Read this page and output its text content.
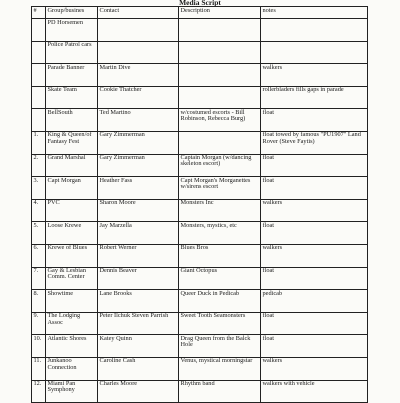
Media Script
#	Group/busines	Contact	Description	notes
	PD Horsemen			
	Police Patrol cars			
	Parade Banner	Martin Dive		walkers
	Skate Team	Cookie Thatcher		rollerbladers fills gaps in parade
	BellSouth	Ted Martino	w/costumed escorts - Bill Robinson, Rebecca Burg)	float
1.	King & Queen/of Fantasy Fest	Gary Zimmerman		float towed by famous "PU1907" Land Rover (Steve Faytis)
2.	Grand Marshal	Gary Zimmerman	Captain Morgan (w/dancing skeleton escort)	float
3.	Capt Morgan	Heather Fass	Capt Morgan's Morganettes w/sirens escort	float
4.	PVC	Sharon Moore	Monsters Inc	walkers
5.	Loose Krewe	Jay Marzella	Monsters, mystics, etc	float
6.	Krewe of Blues	Robert Werner	Blues Bros	walkers
7.	Gay & Lesbian Comm. Center	Dennis Beaver	Giant Octopus	float
8.	Showtime	Lane Brooks	Queer Duck in Pedicab	pedicab
9.	The Lodging Assoc	Peter Ilchuk Steven Parrish	Sweet Tooth Seamonsters	float
10.	Atlantic Shores	Katey Quinn	Drag Queen from the Balck Hole	float
11.	Junkanoo Connection	Caroline Cash	Venus, mystical morningstar	walkers
12.	Miami Pan Symphony	Charles Moore	Rhythm band	walkers with vehicle
